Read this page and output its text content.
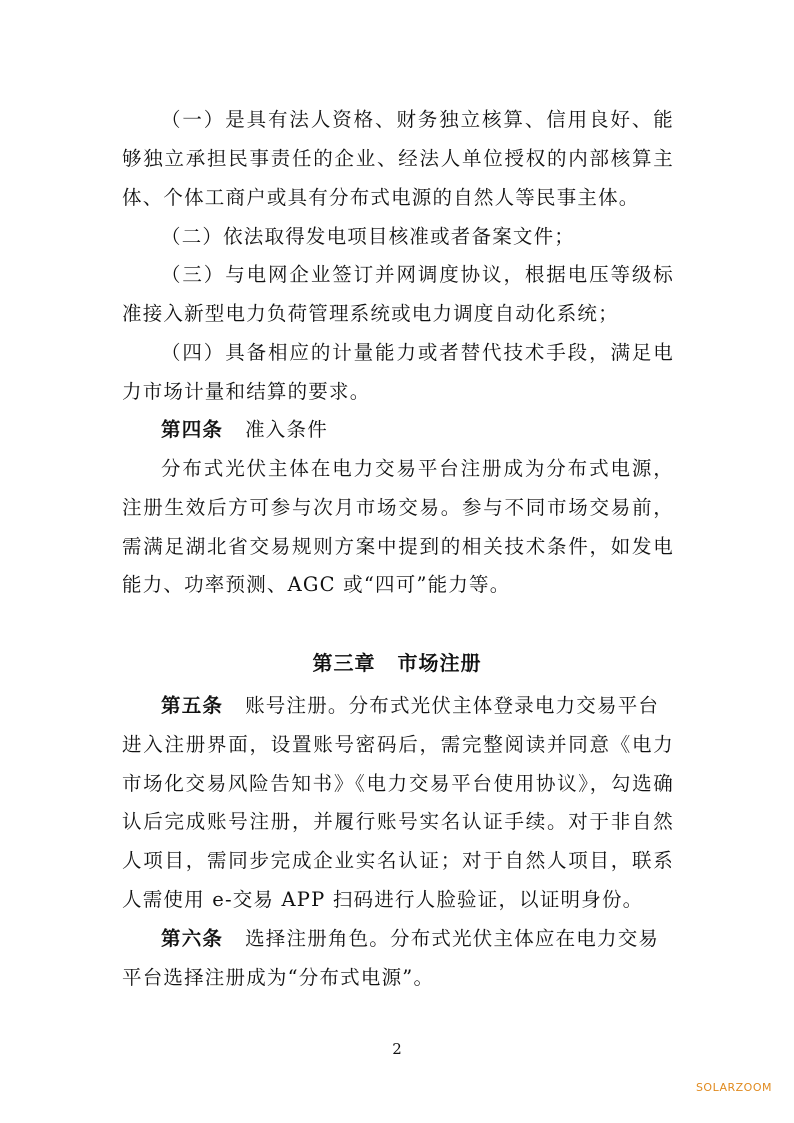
（一）是具有法人资格、财务独立核算、信用良好、能
够独立承担民事责任的企业、经法人单位授权的内部核算主
体、个体工商户或具有分布式电源的自然人等民事主体。
（二）依法取得发电项目核准或者备案文件；
（三）与电网企业签订并网调度协议，根据电压等级标
准接入新型电力负荷管理系统或电力调度自动化系统；
（四）具备相应的计量能力或者替代技术手段，满足电
力市场计量和结算的要求。
第四条 准入条件
分布式光伏主体在电力交易平台注册成为分布式电源，
注册生效后方可参与次月市场交易。参与不同市场交易前，
需满足湖北省交易规则方案中提到的相关技术条件，如发电
能力、功率预测、AGC 或“四可”能力等。
第三章 市场注册
第五条 账号注册。分布式光伏主体登录电力交易平台
进入注册界面，设置账号密码后，需完整阅读并同意《电力
市场化交易风险告知书》《电力交易平台使用协议》，勾选确
认后完成账号注册，并履行账号实名认证手续。对于非自然
人项目，需同步完成企业实名认证；对于自然人项目，联系
人需使用 e-交易 APP 扫码进行人脸验证，以证明身份。
第六条 选择注册角色。分布式光伏主体应在电力交易
平台选择注册成为“分布式电源”。
2
SOLARZOOM
